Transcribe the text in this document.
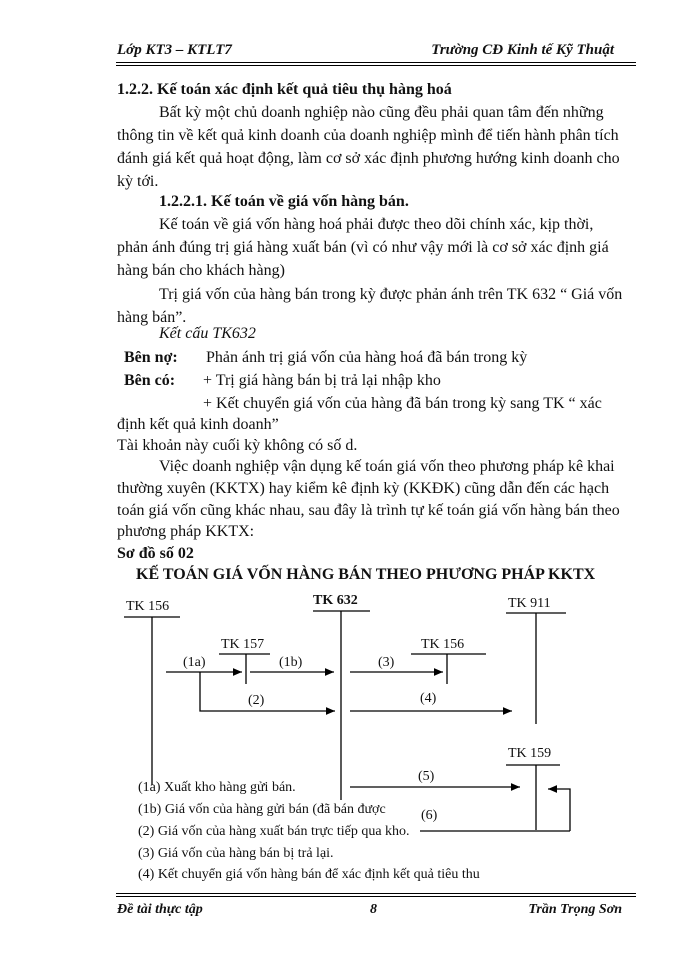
Lớp KT3 – KTLT7	Trường CĐ Kinh tế Kỹ Thuật
1.2.2. Kế toán xác định kết quả tiêu thụ hàng hoá
Bất kỳ một chủ doanh nghiệp nào cũng đều phải quan tâm đến những
thông tin về kết quả kinh doanh của doanh nghiệp mình để tiến hành phân tích
đánh giá kết quả hoạt động, làm cơ sở xác định phương hướng kinh doanh cho
kỳ tới.
1.2.2.1. Kế toán về giá vốn hàng bán.
Kế toán về giá vốn hàng hoá phải được theo dõi chính xác, kịp thời,
phản ánh đúng trị giá hàng xuất bán (vì có như vậy mới là cơ sở xác định giá
hàng bán cho khách hàng)
Trị giá vốn của hàng bán trong kỳ được phản ánh trên TK 632 “ Giá vốn
hàng bán”.
Kết cấu TK632
Bên nợ: Phản ánh trị giá vốn của hàng hoá đã bán trong kỳ
Bên có: + Trị giá hàng bán bị trả lại nhập kho
+ Kết chuyển giá vốn của hàng đã bán trong kỳ sang TK “ xác
định kết quả kinh doanh”
Tài khoản này cuối kỳ không có số d.
Việc doanh nghiệp vận dụng kế toán giá vốn theo phương pháp kê khai
thường xuyên (KKTX) hay kiểm kê định kỳ (KKĐK) cũng dẫn đến các hạch
toán giá vốn cũng khác nhau, sau đây là trình tự kế toán giá vốn hàng bán theo
phương pháp KKTX:
Sơ đồ số 02
KẾ TOÁN GIÁ VỐN HÀNG BÁN THEO PHƯƠNG PHÁP KKTX
TK 156	TK 632	TK 911
TK 157	TK 156
TK 159
(1a)	(1b)	(3)
(2)	(4)
(5)
(6)
(1a) Xuất kho hàng gửi bán.
(1b) Giá vốn của hàng gửi bán (đã bán được
(2) Giá vốn của hàng xuất bán trực tiếp qua kho.
(3) Giá vốn của hàng bán bị trả lại.
(4) Kết chuyển giá vốn hàng bán để xác định kết quả tiêu thu
Đề tài thực tập	8	Trần Trọng Sơn
